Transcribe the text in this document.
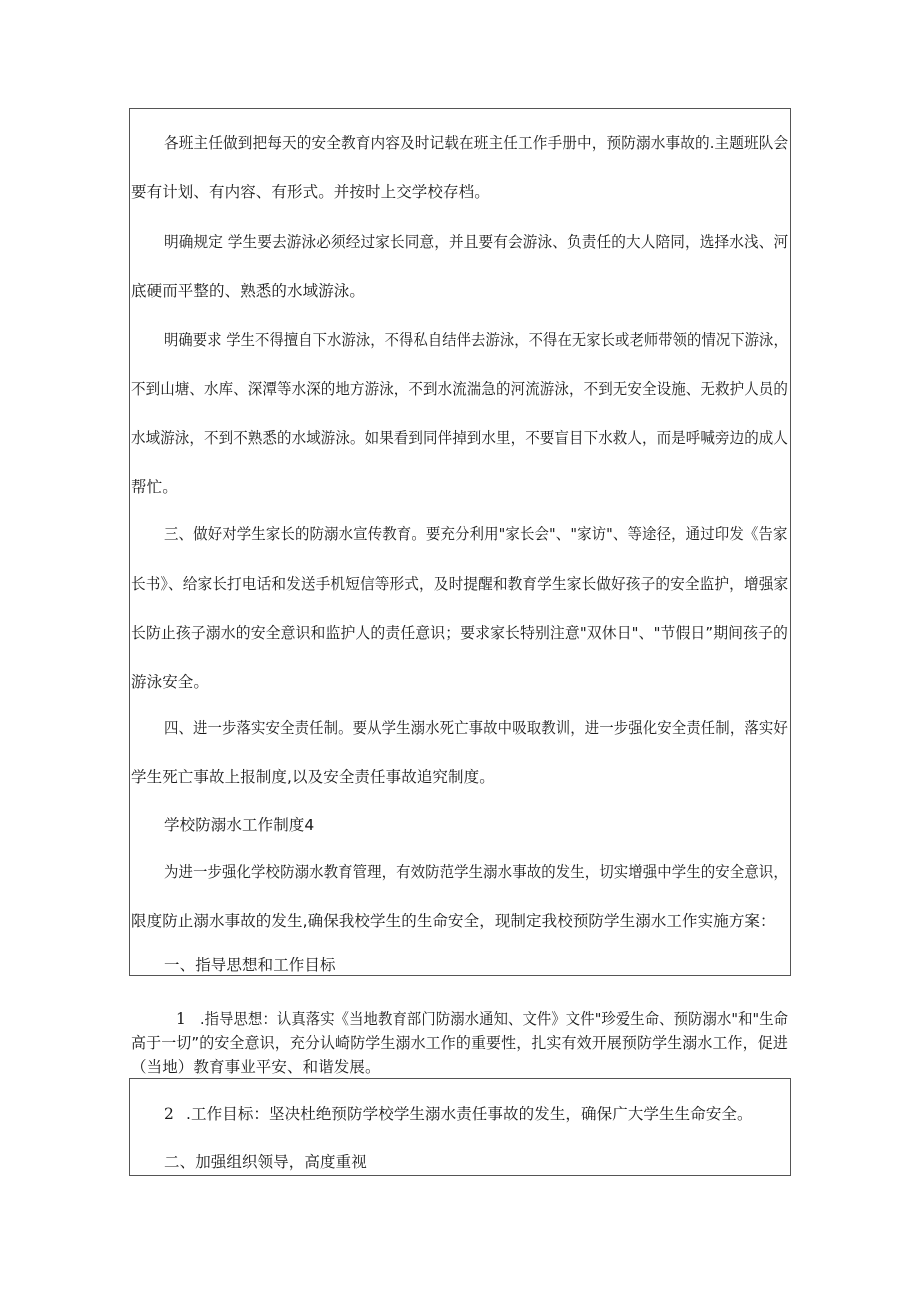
各班主任做到把每天的安全教育内容及时记载在班主任工作手册中，预防溺水事故的.主题班队会
要有计划、有内容、有形式。并按时上交学校存档。
明确规定 学生要去游泳必须经过家长同意，并且要有会游泳、负责任的大人陪同，选择水浅、河
底硬而平整的、熟悉的水域游泳。
明确要求 学生不得擅自下水游泳，不得私自结伴去游泳，不得在无家长或老师带领的情况下游泳，
不到山塘、水库、深潭等水深的地方游泳，不到水流湍急的河流游泳，不到无安全设施、无救护人员的
水域游泳，不到不熟悉的水域游泳。如果看到同伴掉到水里，不要盲目下水救人，而是呼喊旁边的成人
帮忙。
三、做好对学生家长的防溺水宣传教育。要充分利用"家长会"、"家访"、等途径，通过印发《告家
长书》、给家长打电话和发送手机短信等形式，及时提醒和教育学生家长做好孩子的安全监护，增强家
长防止孩子溺水的安全意识和监护人的责任意识；要求家长特别注意"双休日"、"节假日”期间孩子的
游泳安全。
四、进一步落实安全责任制。要从学生溺水死亡事故中吸取教训，进一步强化安全责任制，落实好
学生死亡事故上报制度,以及安全责任事故追究制度。
学校防溺水工作制度4
为进一步强化学校防溺水教育管理，有效防范学生溺水事故的发生，切实增强中学生的安全意识，
限度防止溺水事故的发生,确保我校学生的生命安全，现制定我校预防学生溺水工作实施方案：
一、指导思想和工作目标
1 .指导思想：认真落实《当地教育部门防溺水通知、文件》文件"珍爱生命、预防溺水"和"生命
高于一切”的安全意识，充分认崎防学生溺水工作的重要性，扎实有效开展预防学生溺水工作，促进
（当地）教育事业平安、和谐发展。
2 .工作目标：坚决杜绝预防学校学生溺水责任事故的发生，确保广大学生生命安全。
二、加强组织领导，高度重视
